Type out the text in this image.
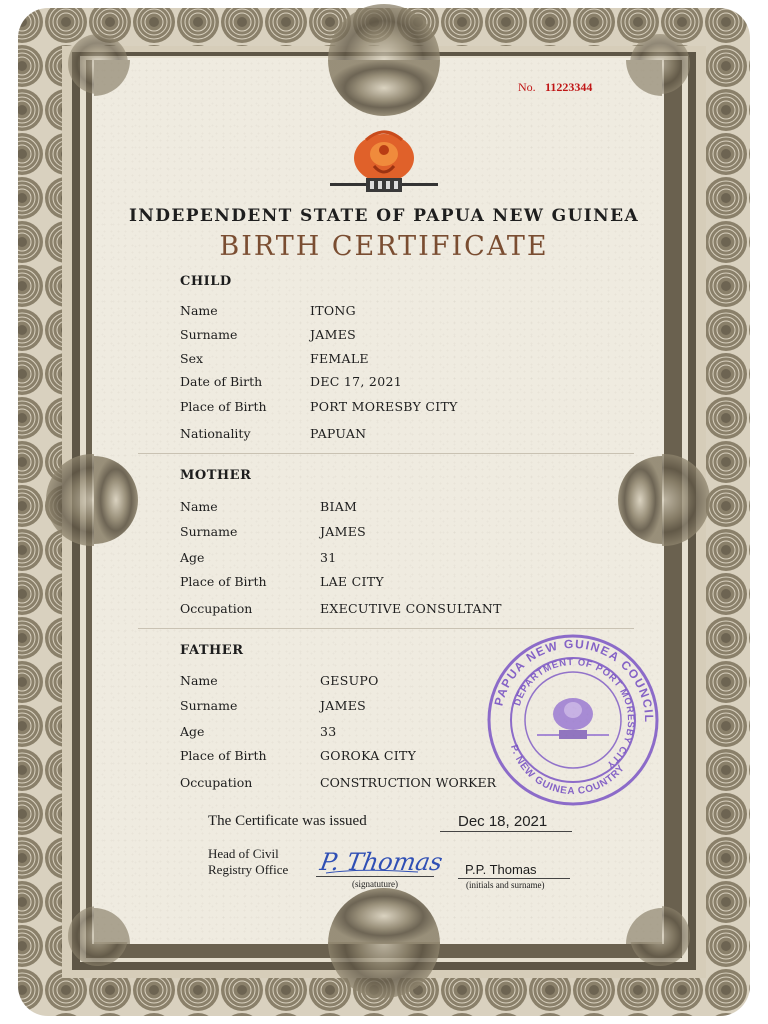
No. 11223344
INDEPENDENT STATE OF PAPUA NEW GUINEA
BIRTH CERTIFICATE
CHILD
Name	ITONG
Surname	JAMES
Sex	FEMALE
Date of Birth	DEC 17, 2021
Place of Birth	PORT MORESBY CITY
Nationality	PAPUAN
MOTHER
Name	BIAM
Surname	JAMES
Age	31
Place of Birth	LAE CITY
Occupation	EXECUTIVE CONSULTANT
FATHER
Name	GESUPO
Surname	JAMES
Age	33
Place of Birth	GOROKA CITY
Occupation	CONSTRUCTION WORKER
PAPUA NEW GUINEA COUNCIL
DEPARTMENT OF PORT MORESBY CITY
P. NEW GUINEA COUNTRY
The Certificate was issued	Dec 18, 2021
Head of Civil Registry Office	P. Thomas
(signatuture)
P.P. Thomas
(initials and surname)
